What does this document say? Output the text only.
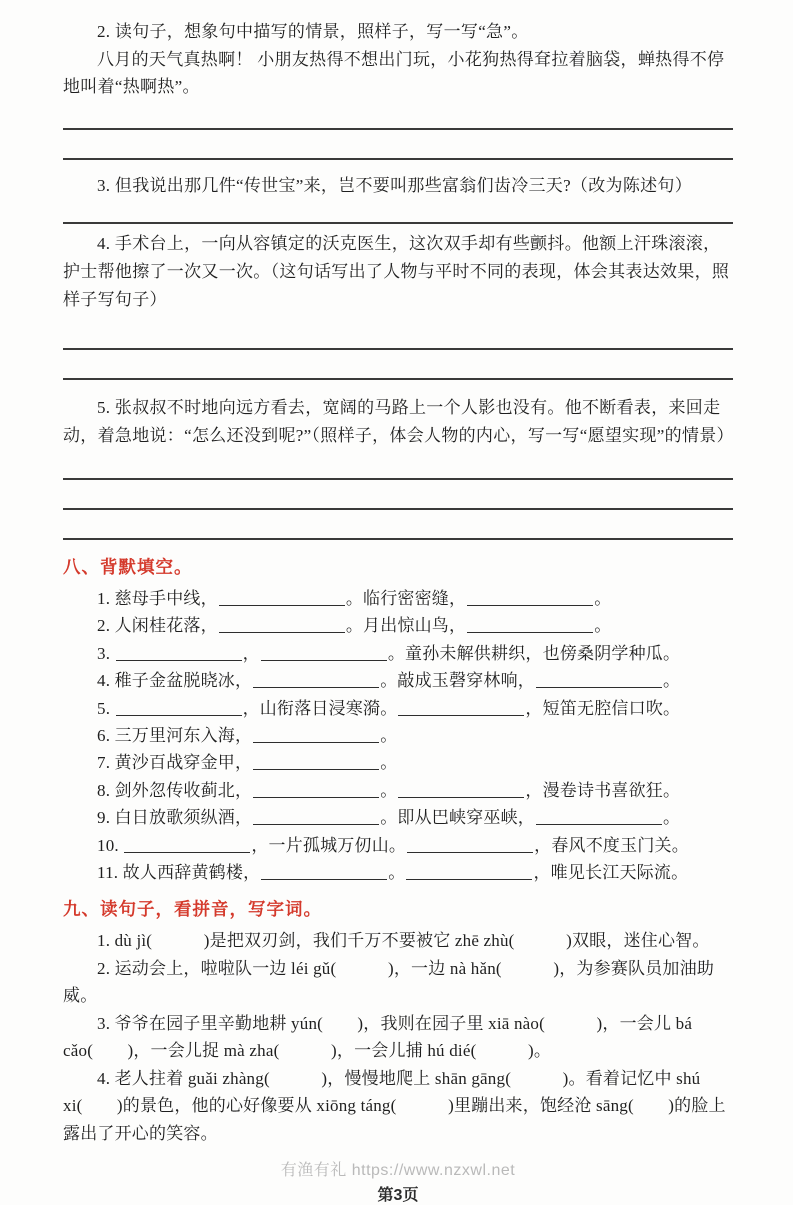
2. 读句子，想象句中描写的情景，照样子，写一写“急”。

八月的天气真热啊！ 小朋友热得不想出门玩，小花狗热得耷拉着脑袋，蝉热得不停地叫着“热啊热”。

3. 但我说出那几件“传世宝”来，岂不要叫那些富翁们齿冷三天?（改为陈述句）

4. 手术台上，一向从容镇定的沃克医生，这次双手却有些颤抖。他额上汗珠滚滚，护士帮他擦了一次又一次。（这句话写出了人物与平时不同的表现，体会其表达效果，照样子写句子）

5. 张叔叔不时地向远方看去，宽阔的马路上一个人影也没有。他不断看表，来回走动，着急地说：“怎么还没到呢?”（照样子，体会人物的内心，写一写“愿望实现”的情景）

八、背默填空。
1. 慈母手中线，	。临行密密缝，	。
2. 人闲桂花落，	。月出惊山鸟，	。
3.	，	。童孙未解供耕织，也傍桑阴学种瓜。
4. 稚子金盆脱晓冰，	。敲成玉磬穿林响，	。
5.	，山衔落日浸寒漪。	，短笛无腔信口吹。
6. 三万里河东入海，	。
7. 黄沙百战穿金甲，	。
8. 剑外忽传收蓟北，	。	，漫卷诗书喜欲狂。
9. 白日放歌须纵酒，	。即从巴峡穿巫峡，	。
10.	，一片孤城万仞山。	，春风不度玉门关。
11. 故人西辞黄鹤楼，	。	，唯见长江天际流。
九、读句子，看拼音，写字词。

1. dù jì(　　　)是把双刃剑，我们千万不要被它 zhē zhù(　　　)双眼，迷住心智。

2. 运动会上，啦啦队一边 léi gǔ(　　　)，一边 nà hǎn(　　　)，为参赛队员加油助威。

3. 爷爷在园子里辛勤地耕 yún(　　)，我则在园子里 xiā nào(　　　)，一会儿 bá cǎo(　　)，一会儿捉 mà zha(　　　)，一会儿捕 hú dié(　　　)。

4. 老人拄着 guǎi zhàng(　　　)，慢慢地爬上 shān gāng(　　　)。看着记忆中 shú xi(　　)的景色，他的心好像要从 xiōng táng(　　　)里蹦出来，饱经沧 sāng(　　)的脸上露出了开心的笑容。

有渔有礼 https://www.nzxwl.net
第3页
